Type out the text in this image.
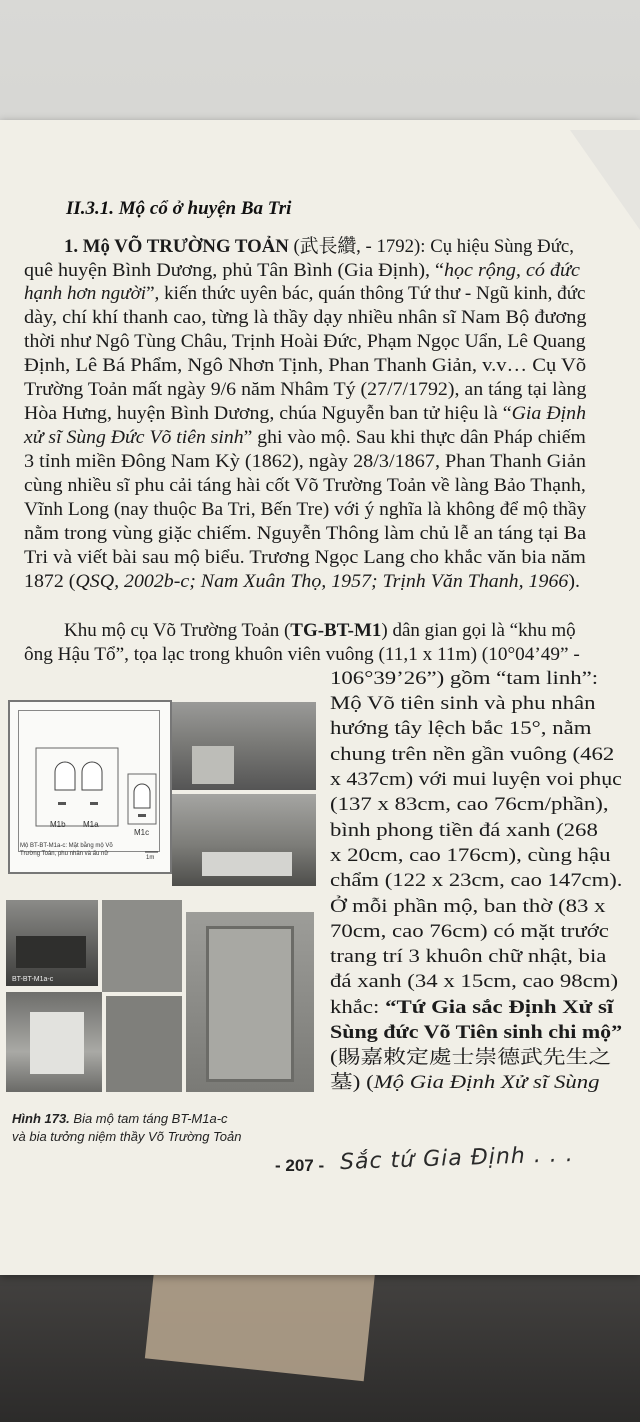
II.3.1. Mộ cổ ở huyện Ba Tri
1. Mộ VÕ TRƯỜNG TOẢN (武長纘, - 1792): Cụ hiệu Sùng Đức,
quê huyện Bình Dương, phủ Tân Bình (Gia Định), “học rộng, có đức
hạnh hơn người”, kiến thức uyên bác, quán thông Tứ thư - Ngũ kinh, đức
dày, chí khí thanh cao, từng là thầy dạy nhiều nhân sĩ Nam Bộ đương
thời như Ngô Tùng Châu, Trịnh Hoài Đức, Phạm Ngọc Uẩn, Lê Quang
Định, Lê Bá Phẩm, Ngô Nhơn Tịnh, Phan Thanh Giản, v.v… Cụ Võ
Trường Toản mất ngày 9/6 năm Nhâm Tý (27/7/1792), an táng tại làng
Hòa Hưng, huyện Bình Dương, chúa Nguyễn ban tử hiệu là “Gia Định
xử sĩ Sùng Đức Võ tiên sinh” ghi vào mộ. Sau khi thực dân Pháp chiếm
3 tỉnh miền Đông Nam Kỳ (1862), ngày 28/3/1867, Phan Thanh Giản
cùng nhiều sĩ phu cải táng hài cốt Võ Trường Toản về làng Bảo Thạnh,
Vĩnh Long (nay thuộc Ba Tri, Bến Tre) với ý nghĩa là không để mộ thầy
nằm trong vùng giặc chiếm. Nguyễn Thông làm chủ lễ an táng tại Ba
Tri và viết bài sau mộ biểu. Trương Ngọc Lang cho khắc văn bia năm
1872 (QSQ, 2002b-c; Nam Xuân Thọ, 1957; Trịnh Văn Thanh, 1966).
Khu mộ cụ Võ Trường Toản (TG-BT-M1) dân gian gọi là “khu mộ
ông Hậu Tổ”, tọa lạc trong khuôn viên vuông (11,1 x 11m) (10°04’49” -
106°39’26”) gồm “tam linh”:
Mộ Võ tiên sinh và phu nhân
hướng tây lệch bắc 15°, nằm
chung trên nền gần vuông (462
x 437cm) với mui luyện voi phục
(137 x 83cm, cao 76cm/phần),
bình phong tiền đá xanh (268
x 20cm, cao 176cm), cùng hậu
chẩm (122 x 23cm, cao 147cm).
Ở mỗi phần mộ, ban thờ (83 x
70cm, cao 76cm) có mặt trước
trang trí 3 khuôn chữ nhật, bia
đá xanh (34 x 15cm, cao 98cm)
khắc: “Tứ Gia sắc Định Xử sĩ
Sùng đức Võ Tiên sinh chi mộ”
(賜嘉敕定處士崇德武先生之
墓) (Mộ Gia Định Xử sĩ Sùng
M1b M1a
M1c
Mộ BT-BT-M1a-c: Mặt bằng mộ Võ Trường Toản, phu nhân và ấu nữ
1m
BT-BT-M1a-c
Hình 173. Bia mộ tam táng BT-M1a-c
và bia tưởng niệm thầy Võ Trường Toản
- 207 - Sắc tứ Gia Định . . .
